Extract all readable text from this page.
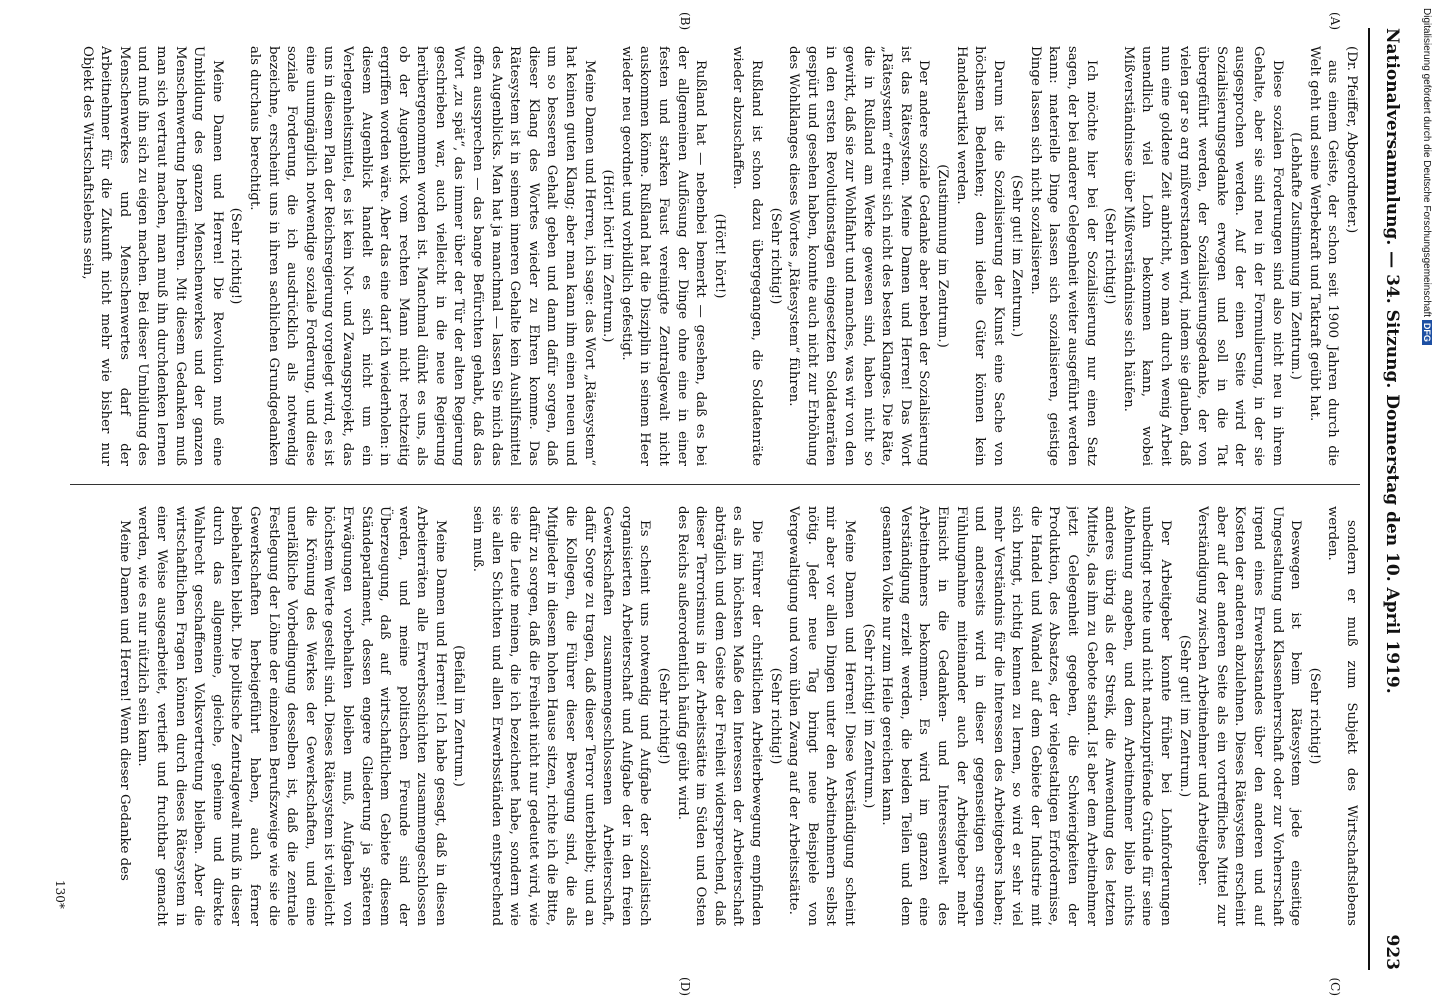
Nationalversammlung. — 34. Sitzung. Donnerstag den 10. April 1919.
923
(A)
(B)
(C)
(D)

(Dr. Pfeiffer, Abgeordneter.)

aus einem Geiste, der schon seit 1900 Jahren durch die Welt geht und seine Werbekraft und Tatkraft geübt hat.

(Lebhafte Zustimmung im Zentrum.)

Diese sozialen Forderungen sind also nicht neu in ihrem Gehalte, aber sie sind neu in der Formulierung, in der sie ausgesprochen werden. Auf der einen Seite wird der Sozialisierungsgedanke erwogen und soll in die Tat übergeführt werden, der Sozialisierungsgedanke, der von vielen gar so arg mißverstanden wird, indem sie glauben, daß nun eine goldene Zeit anbricht, wo man durch wenig Arbeit unendlich viel Lohn bekommen kann, wobei Mißverständnisse über Mißverständnisse sich häufen.

(Sehr richtig!)

Ich möchte hier bei der Sozialisierung nur einen Satz sagen, der bei anderer Gelegenheit weiter ausgeführt werden kann: materielle Dinge lassen sich sozialisieren, geistige Dinge lassen sich nicht sozialisieren.

(Sehr gut! im Zentrum.)

Darum ist die Sozialisierung der Kunst eine Sache von höchstem Bedenken; denn ideelle Güter können kein Handelsartikel werden.

(Zustimmung im Zentrum.)

Der andere soziale Gedanke aber neben der Sozialisierung ist das Rätesystem. Meine Damen und Herren! Das Wort „Rätesystem“ erfreut sich nicht des besten Klanges. Die Räte, die in Rußland am Werke gewesen sind, haben nicht so gewirkt, daß sie zur Wohlfahrt und manches, was wir von den in den ersten Revolutionstagen eingesetzten Soldatenräten gespürt und gesehen haben, konnte auch nicht zur Erhöhung des Wohlklanges dieses Wortes „Rätesystem“ führen.

(Sehr richtig!)

Rußland ist schon dazu übergegangen, die Soldatenräte wieder abzuschaffen.

(Hört! hört!)

Rußland hat — nebenbei bemerkt — gesehen, daß es bei der allgemeinen Auflösung der Dinge ohne eine in einer festen und starken Faust vereinigte Zentralgewalt nicht auskommen könne. Rußland hat die Disziplin in seinem Heer wieder neu geordnet und vorbildlich gefestigt.

(Hört! hört! im Zentrum.)

Meine Damen und Herren, ich sage: das Wort „Rätesystem“ hat keinen guten Klang; aber man kann ihm einen neuen und um so besseren Gehalt geben und dann dafür sorgen, daß dieser Klang des Wortes wieder zu Ehren komme. Das Rätesystem ist in seinem inneren Gehalte kein Aushilfsmittel des Augenblicks. Man hat ja manchmal — lassen Sie mich das offen aussprechen — das bange Befürchten gehabt, daß das Wort „zu spät“, das immer über der Tür der alten Regierung geschrieben war, auch vielleicht in die neue Regierung herübergenommen worden ist. Manchmal dünkt es uns, als ob der Augenblick vom rechten Mann nicht rechtzeitig ergriffen worden wäre. Aber das eine darf ich wiederholen: in diesem Augenblick handelt es sich nicht um ein Verlegenheitsmittel, es ist kein Not- und Zwangsprojekt, das uns in diesem Plan der Reichsregierung vorgelegt wird, es ist eine unumgänglich notwendige soziale Forderung, und diese soziale Forderung, die ich ausdrücklich als notwendig bezeichne, erscheint uns in ihren sachlichen Grundgedanken als durchaus berechtigt.

(Sehr richtig!)

Meine Damen und Herren! Die Revolution muß eine Umbildung des ganzen Menschenwerkes und der ganzen Menschenwertung herbeiführen. Mit diesem Gedanken muß man sich vertraut machen, man muß ihn durchdenken lernen und muß ihn sich zu eigen machen. Bei dieser Umbildung des Menschenwerkes und Menschenwertes darf der Arbeitnehmer für die Zukunft nicht mehr wie bisher nur Objekt des Wirtschaftslebens sein,

sondern er muß zum Subjekt des Wirtschaftslebens werden.

(Sehr richtig!)

Deswegen ist beim Rätesystem jede einseitige Umgestaltung und Klassenherrschaft oder zur Vorherrschaft irgend eines Erwerbsstandes über den anderen und auf Kosten der anderen abzulehnen. Dieses Rätesystem erscheint aber auf der anderen Seite als ein vortreffliches Mittel zur Verständigung zwischen Arbeitnehmer und Arbeitgeber.

(Sehr gut! im Zentrum.)

Der Arbeitgeber konnte früher bei Lohnforderungen unbedingt rechte und nicht nachzuprüfende Gründe für seine Ablehnung angeben, und dem Arbeitnehmer blieb nichts anderes übrig als der Streik, die Anwendung des letzten Mittels, das ihm zu Gebote stand. Ist aber dem Arbeitnehmer jetzt Gelegenheit gegeben, die Schwierigkeiten der Produktion, des Absatzes, der vielgestaltigen Erfordernisse, die Handel und Wandel auf dem Gebiete der Industrie mit sich bringt, richtig kennen zu lernen, so wird er sehr viel mehr Verständnis für die Interessen des Arbeitgebers haben; und anderseits wird in dieser gegenseitigen strengen Fühlungnahme miteinander auch der Arbeitgeber mehr Einsicht in die Gedanken- und Interessenwelt des Arbeitnehmers bekommen. Es wird im ganzen eine Verständigung erzielt werden, die beiden Teilen und dem gesamten Volke nur zum Heile gereichen kann.

(Sehr richtig! im Zentrum.)

Meine Damen und Herren! Diese Verständigung scheint mir aber vor allen Dingen unter den Arbeitnehmern selbst nötig. Jeder neue Tag bringt neue Beispiele von Vergewaltigung und vom üblen Zwang auf der Arbeitsstätte.

(Sehr richtig!)

Die Führer der christlichen Arbeiterbewegung empfinden es als im höchsten Maße den Interessen der Arbeiterschaft abträglich und dem Geiste der Freiheit widersprechend, daß dieser Terrorismus in der Arbeitsstätte im Süden und Osten des Reichs außerordentlich häufig geübt wird.

(Sehr richtig!)

Es scheint uns notwendig und Aufgabe der sozialistisch organisierten Arbeiterschaft und Aufgabe der in den freien Gewerkschaften zusammengeschlossenen Arbeiterschaft, dafür Sorge zu tragen, daß dieser Terror unterbleibt; und an die Kollegen, die Führer dieser Bewegung sind, die als Mitglieder in diesem hohen Hause sitzen, richte ich die Bitte, dafür zu sorgen, daß die Freiheit nicht nur gedeutet wird, wie sie die Leute meinen, die ich bezeichnet habe, sondern wie sie allen Schichten und allen Erwerbsständen entsprechend sein muß.

(Beifall im Zentrum.)

Meine Damen und Herren! Ich habe gesagt, daß in diesen Arbeiterräten alle Erwerbsschichten zusammengeschlossen werden, und meine politischen Freunde sind der Überzeugung, daß auf wirtschaftlichem Gebiete diesem Ständeparlament, dessen engere Gliederung ja späteren Erwägungen vorbehalten bleiben muß, Aufgaben von höchstem Werte gestellt sind. Dieses Rätesystem ist vielleicht die Krönung des Werkes der Gewerkschaften, und eine unerläßliche Vorbedingung desselben ist, daß die zentrale Festlegung der Löhne der einzelnen Berufszweige wie sie die Gewerkschaften herbeigeführt haben, auch ferner beibehalten bleibt. Die politische Zentralgewalt muß in dieser durch das allgemeine, gleiche, geheime und direkte Wahlrecht geschaffenen Volksvertretung bleiben. Aber die wirtschaftlichen Fragen können durch dieses Rätesystem in einer Weise ausgearbeitet, vertieft und fruchtbar gemacht werden, wie es nur nützlich sein kann.

Meine Damen und Herren! Wenn dieser Gedanke des

130*
Digitalisierung gefördert durch die Deutsche Forschungsgemeinschaft DFG
